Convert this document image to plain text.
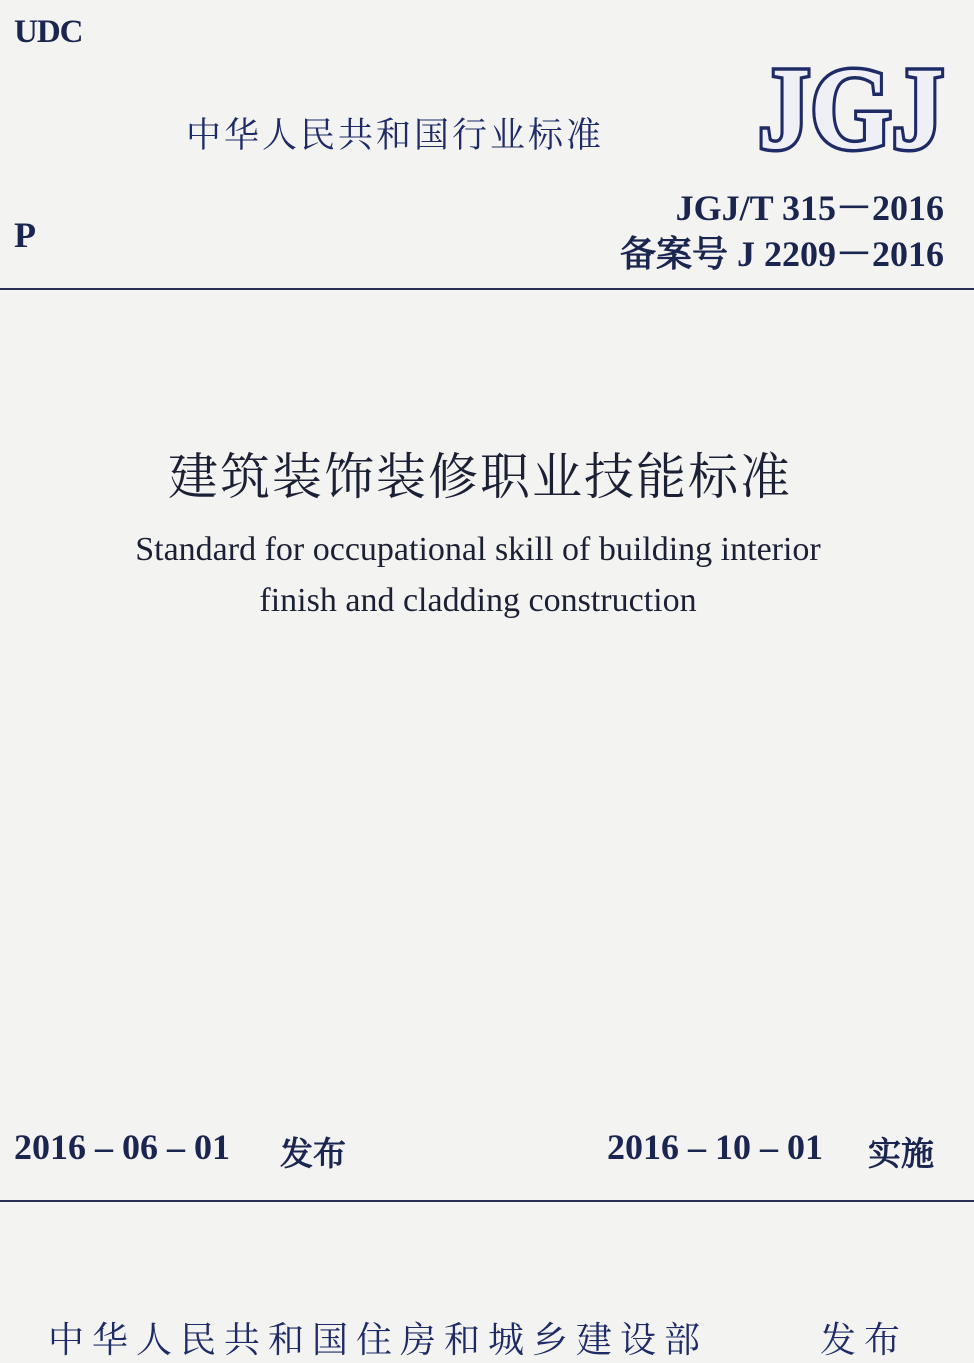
UDC
P
中华人民共和国行业标准 JGJ
JGJ/T 315－2016
备案号 J 2209－2016
建筑装饰装修职业技能标准
Standard for occupational skill of building interior
finish and cladding construction
2016 – 06 – 01 发布	2016 – 10 – 01 实施
中华人民共和国住房和城乡建设部	发布
